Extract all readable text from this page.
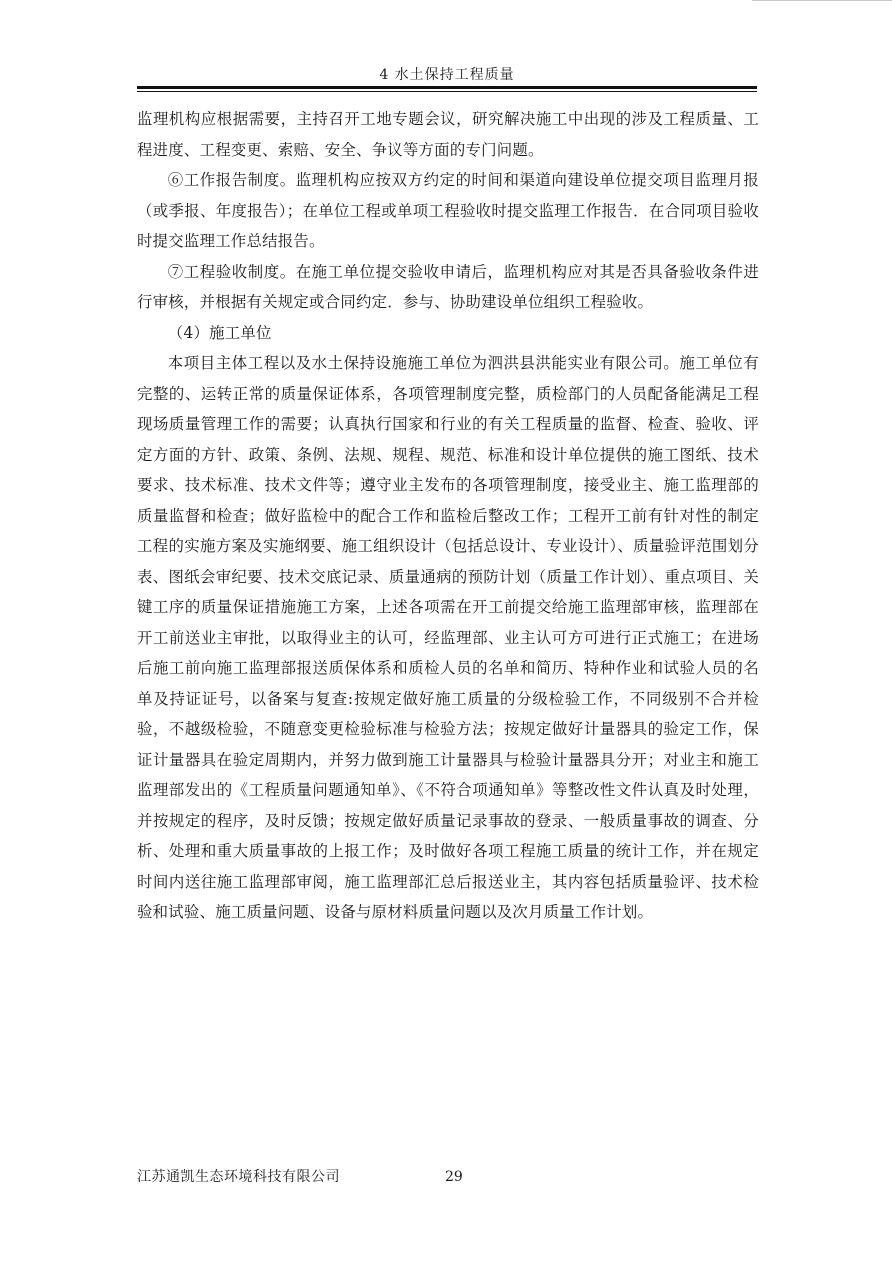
4 水土保持工程质量

监理机构应根据需要，主持召开工地专题会议，研究解决施工中出现的涉及工程质量、工程进度、工程变更、索赔、安全、争议等方面的专门问题。

⑥工作报告制度。监理机构应按双方约定的时间和渠道向建设单位提交项目监理月报（或季报、年度报告）；在单位工程或单项工程验收时提交监理工作报告．在合同项目验收时提交监理工作总结报告。

⑦工程验收制度。在施工单位提交验收申请后，监理机构应对其是否具备验收条件进行审核，并根据有关规定或合同约定．参与、协助建设单位组织工程验收。

（4）施工单位

本项目主体工程以及水土保持设施施工单位为泗洪县洪能实业有限公司。施工单位有完整的、运转正常的质量保证体系，各项管理制度完整，质检部门的人员配备能满足工程现场质量管理工作的需要；认真执行国家和行业的有关工程质量的监督、检查、验收、评定方面的方针、政策、条例、法规、规程、规范、标准和设计单位提供的施工图纸、技术要求、技术标准、技术文件等；遵守业主发布的各项管理制度，接受业主、施工监理部的质量监督和检查；做好监检中的配合工作和监检后整改工作；工程开工前有针对性的制定工程的实施方案及实施纲要、施工组织设计（包括总设计、专业设计）、质量验评范围划分表、图纸会审纪要、技术交底记录、质量通病的预防计划（质量工作计划）、重点项目、关键工序的质量保证措施施工方案，上述各项需在开工前提交给施工监理部审核，监理部在开工前送业主审批，以取得业主的认可，经监理部、业主认可方可进行正式施工；在进场后施工前向施工监理部报送质保体系和质检人员的名单和简历、特种作业和试验人员的名单及持证证号，以备案与复查:按规定做好施工质量的分级检验工作，不同级别不合并检验，不越级检验，不随意变更检验标准与检验方法；按规定做好计量器具的验定工作，保证计量器具在验定周期内，并努力做到施工计量器具与检验计量器具分开；对业主和施工监理部发出的《工程质量问题通知单》、《不符合项通知单》等整改性文件认真及时处理，并按规定的程序，及时反馈；按规定做好质量记录事故的登录、一般质量事故的调查、分析、处理和重大质量事故的上报工作；及时做好各项工程施工质量的统计工作，并在规定时间内送往施工监理部审阅，施工监理部汇总后报送业主，其内容包括质量验评、技术检验和试验、施工质量问题、设备与原材料质量问题以及次月质量工作计划。

江苏通凯生态环境科技有限公司	29
